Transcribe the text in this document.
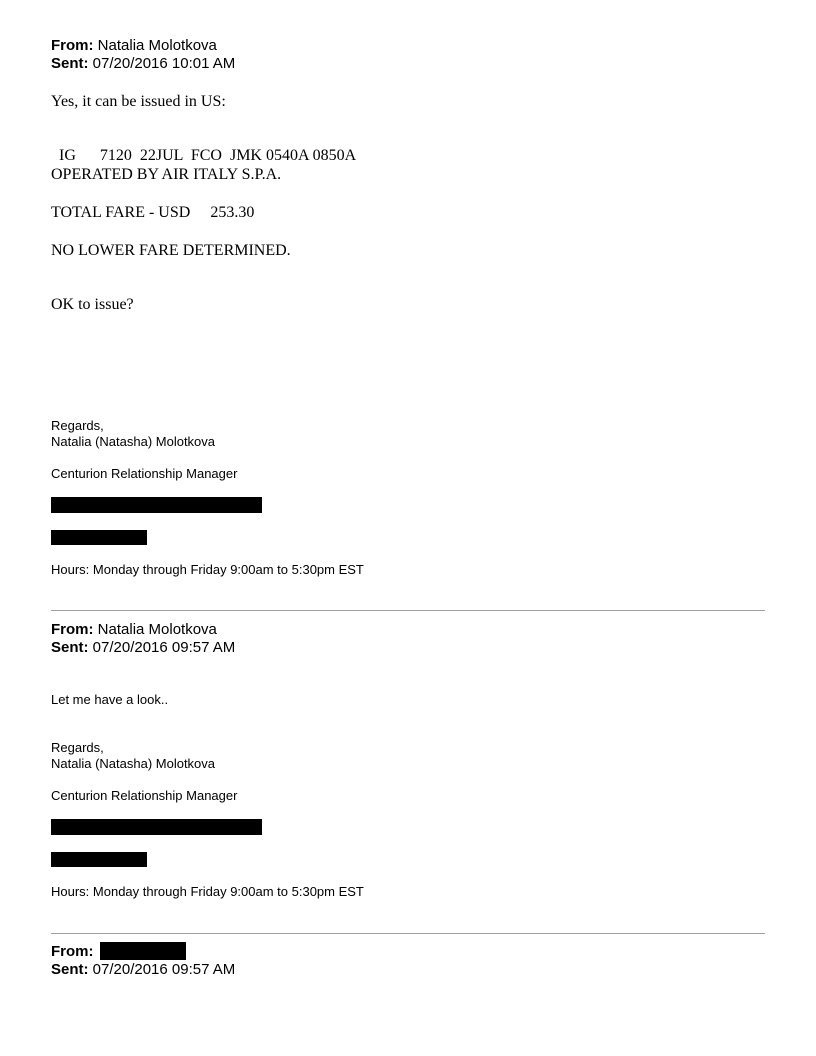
From: Natalia Molotkova
Sent: 07/20/2016 10:01 AM
Yes, it can be issued in US:
IG      7120  22JUL  FCO  JMK 0540A 0850A
OPERATED BY AIR ITALY S.P.A.
TOTAL FARE - USD     253.30
NO LOWER FARE DETERMINED.
OK to issue?
Regards,
Natalia (Natasha) Molotkova
Centurion Relationship Manager
Hours: Monday through Friday 9:00am to 5:30pm EST
From: Natalia Molotkova
Sent: 07/20/2016 09:57 AM
Let me have a look..
Regards,
Natalia (Natasha) Molotkova
Centurion Relationship Manager
Hours: Monday through Friday 9:00am to 5:30pm EST
From:
Sent: 07/20/2016 09:57 AM
